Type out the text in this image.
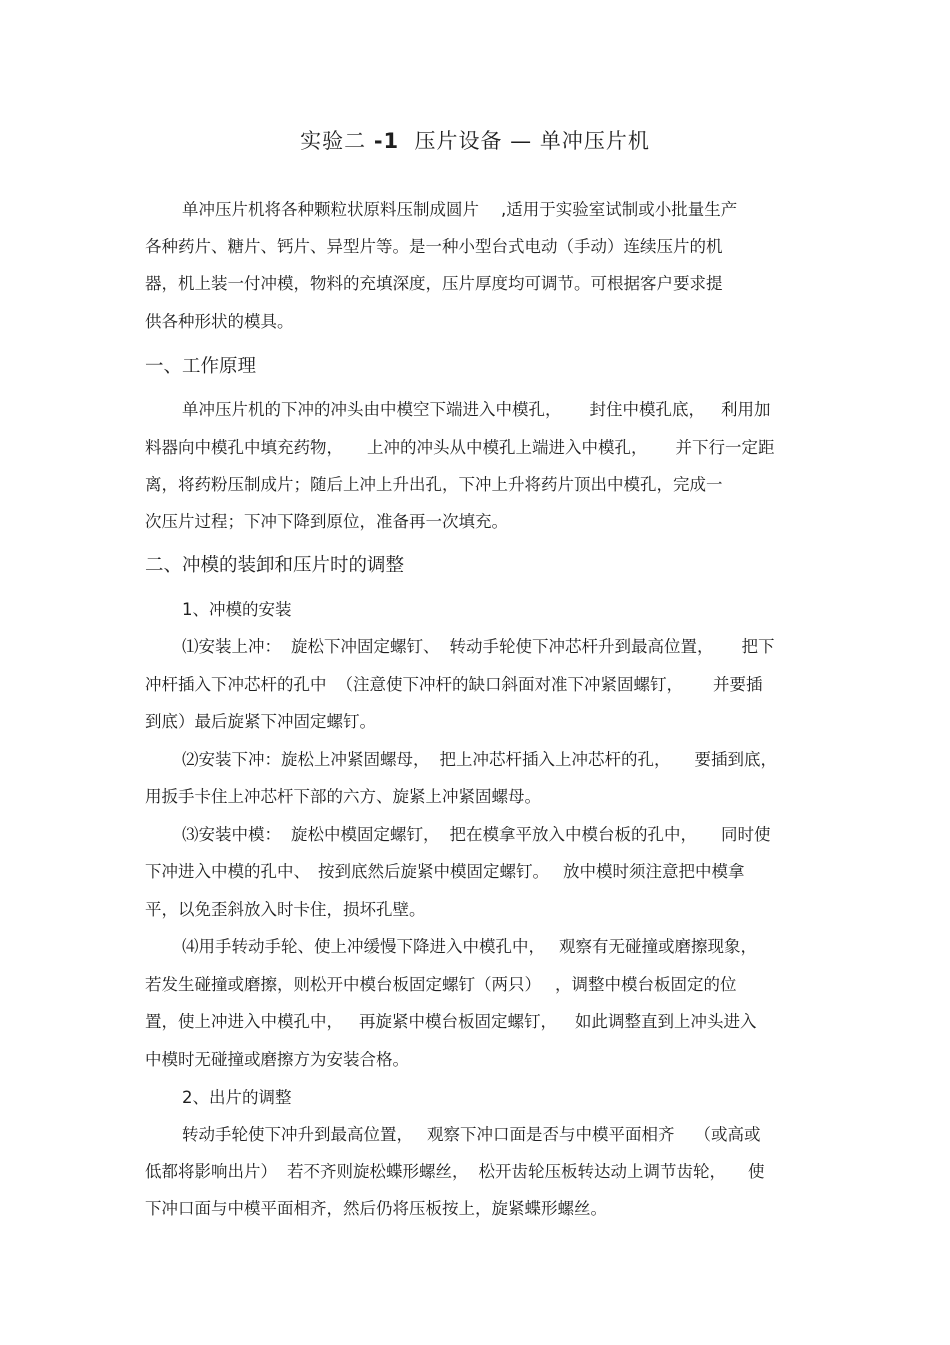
实验二 -1 压片设备 — 单冲压片机

单冲压片机将各种颗粒状原料压制成圆片 ,适用于实验室试制或小批量生产

各种药片、糖片、钙片、异型片等。是一种小型台式电动（手动）连续压片的机

器，机上装一付冲模，物料的充填深度，压片厚度均可调节。可根据客户要求提

供各种形状的模具。

一、工作原理

单冲压片机的下冲的冲头由中模空下端进入中模孔， 封住中模孔底， 利用加

料器向中模孔中填充药物， 上冲的冲头从中模孔上端进入中模孔， 并下行一定距

离，将药粉压制成片；随后上冲上升出孔，下冲上升将药片顶出中模孔，完成一

次压片过程；下冲下降到原位，准备再一次填充。

二、冲模的装卸和压片时的调整

1、冲模的安装

⑴安装上冲： 旋松下冲固定螺钉、 转动手轮使下冲芯杆升到最高位置， 把下

冲杆插入下冲芯杆的孔中 （注意使下冲杆的缺口斜面对准下冲紧固螺钉， 并要插

到底）最后旋紧下冲固定螺钉。

⑵安装下冲：旋松上冲紧固螺母， 把上冲芯杆插入上冲芯杆的孔， 要插到底，

用扳手卡住上冲芯杆下部的六方、旋紧上冲紧固螺母。

⑶安装中模： 旋松中模固定螺钉， 把在模拿平放入中模台板的孔中， 同时使

下冲进入中模的孔中、 按到底然后旋紧中模固定螺钉。 放中模时须注意把中模拿

平，以免歪斜放入时卡住，损坏孔壁。

⑷用手转动手轮、使上冲缓慢下降进入中模孔中， 观察有无碰撞或磨擦现象，

若发生碰撞或磨擦，则松开中模台板固定螺钉（两只） ，调整中模台板固定的位

置，使上冲进入中模孔中， 再旋紧中模台板固定螺钉， 如此调整直到上冲头进入

中模时无碰撞或磨擦方为安装合格。

2、出片的调整

转动手轮使下冲升到最高位置， 观察下冲口面是否与中模平面相齐 （或高或

低都将影响出片） 若不齐则旋松蝶形螺丝， 松开齿轮压板转达动上调节齿轮， 使

下冲口面与中模平面相齐，然后仍将压板按上，旋紧蝶形螺丝。
